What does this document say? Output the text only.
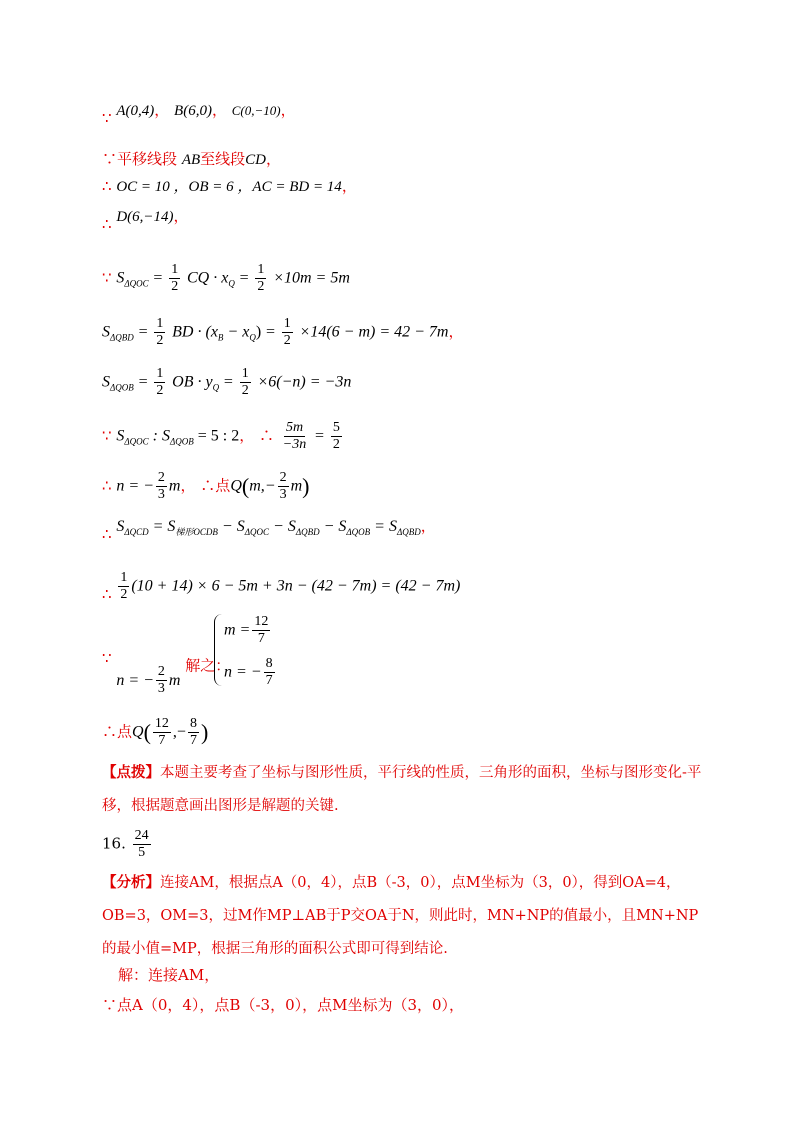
∵ A(0,4)， B(6,0)， C(0,−10)，
∵平移线段 AB至线段CD，
∴ OC = 10 ，OB = 6 ，AC = BD = 14，
∴ D(6,−14)，
∵ $S_{\Delta QOC} = \frac{1}{2}$ CQ · $x_Q = \frac{1}{2} \times 10m = 5m$
$S_{\Delta QBD} = \frac{1}{2}$ BD · $(x_B - x_Q) = \frac{1}{2} \times 14(6 - m) = 42 - 7m$，
$S_{\Delta QOB} = \frac{1}{2}$ OB · $y_Q = \frac{1}{2} \times 6(-n) = -3n$
∵ $S_{\Delta QOC}$ : $S_{\Delta QOB} = 5$ : 2， ∴ $\frac{5m}{-3n} = \frac{5}{2}$
∴ n = − $\frac{2}{3}$ m， ∴点$Q(m,- \frac{2}{3} m)$
∴ $S_{\Delta QCD} = S_{梯形OCDB} - S_{\Delta QOC} - S_{\Delta QBD} - S_{\Delta QOB} = S_{\Delta QBD}$，
∴ $\frac{1}{2} (10 + 14) \times 6 - 5m + 3n - (42 - 7m) = (42 - 7m)$
∵ n = − $\frac{2}{3}$ m 解之：
$m = \frac{12}{7}$
n = − $\frac{8}{7}$
∴点$Q( \frac{12}{7}$ ,− $\frac{8}{7}$ )
【点拨】本题主要考查了坐标与图形性质，平行线的性质，三角形的面积，坐标与图形变化-平移，根据题意画出图形是解题的关键.
16. $\frac{24}{5}$
【分析】连接AM，根据点A（0，4），点B（-3，0），点M坐标为（3，0），得到OA=4，OB=3，OM=3，过M作MP⊥AB于P交OA于N，则此时，MN+NP的值最小，且MN+NP的最小值=MP，根据三角形的面积公式即可得到结论.
解：连接AM，
∵点A（0，4），点B（-3，0），点M坐标为（3，0），
